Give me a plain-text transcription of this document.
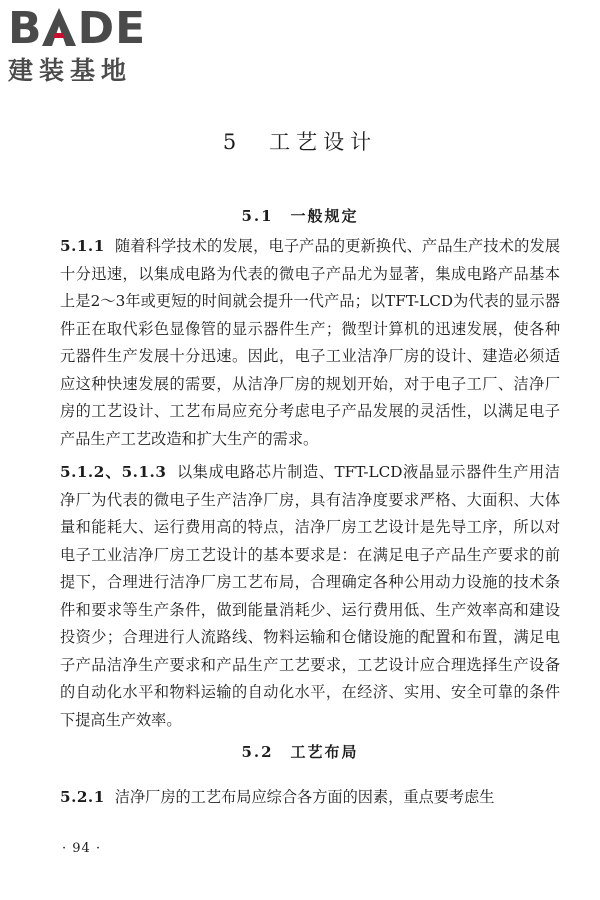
B DE
建装基地
5　工艺设计
5.1　一般规定
5.1.1 随着科学技术的发展，电子产品的更新换代、产品生产技术的发展十分迅速，以集成电路为代表的微电子产品尤为显著，集成电路产品基本上是2～3年或更短的时间就会提升一代产品；以TFT-LCD为代表的显示器件正在取代彩色显像管的显示器件生产；微型计算机的迅速发展，使各种元器件生产发展十分迅速。因此，电子工业洁净厂房的设计、建造必须适应这种快速发展的需要，从洁净厂房的规划开始，对于电子工厂、洁净厂房的工艺设计、工艺布局应充分考虑电子产品发展的灵活性，以满足电子产品生产工艺改造和扩大生产的需求。
5.1.2、5.1.3 以集成电路芯片制造、TFT-LCD液晶显示器件生产用洁净厂为代表的微电子生产洁净厂房，具有洁净度要求严格、大面积、大体量和能耗大、运行费用高的特点，洁净厂房工艺设计是先导工序，所以对电子工业洁净厂房工艺设计的基本要求是：在满足电子产品生产要求的前提下，合理进行洁净厂房工艺布局，合理确定各种公用动力设施的技术条件和要求等生产条件，做到能量消耗少、运行费用低、生产效率高和建设投资少；合理进行人流路线、物料运输和仓储设施的配置和布置，满足电子产品洁净生产要求和产品生产工艺要求，工艺设计应合理选择生产设备的自动化水平和物料运输的自动化水平，在经济、实用、安全可靠的条件下提高生产效率。
5.2　工艺布局
5.2.1 洁净厂房的工艺布局应综合各方面的因素，重点要考虑生
· 94 ·
